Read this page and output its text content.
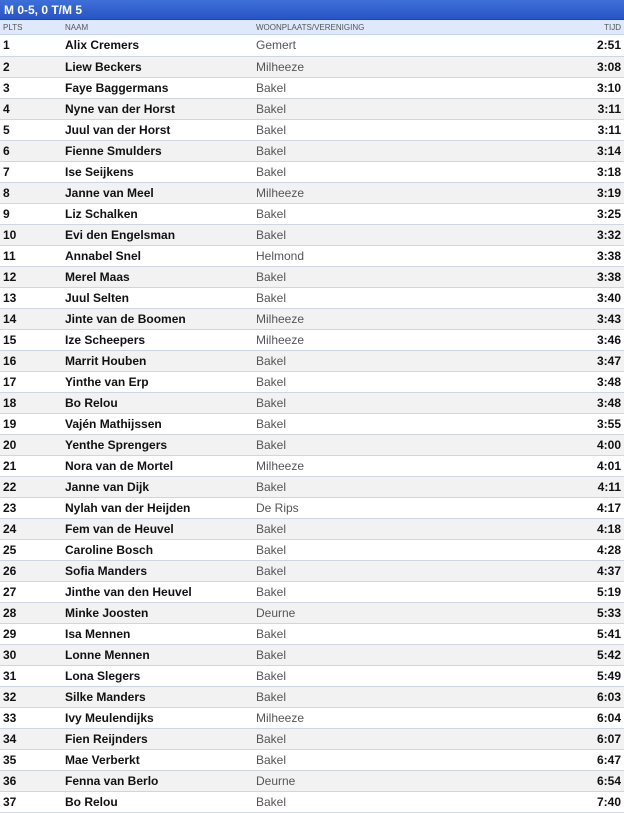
M 0-5, 0 T/M 5
PLTS	NAAM	WOONPLAATS/VERENIGING	TIJD
1	Alix Cremers	Gemert	2:51
2	Liew Beckers	Milheeze	3:08
3	Faye Baggermans	Bakel	3:10
4	Nyne van der Horst	Bakel	3:11
5	Juul van der Horst	Bakel	3:11
6	Fienne Smulders	Bakel	3:14
7	Ise Seijkens	Bakel	3:18
8	Janne van Meel	Milheeze	3:19
9	Liz Schalken	Bakel	3:25
10	Evi den Engelsman	Bakel	3:32
11	Annabel Snel	Helmond	3:38
12	Merel Maas	Bakel	3:38
13	Juul Selten	Bakel	3:40
14	Jinte van de Boomen	Milheeze	3:43
15	Ize Scheepers	Milheeze	3:46
16	Marrit Houben	Bakel	3:47
17	Yinthe van Erp	Bakel	3:48
18	Bo Relou	Bakel	3:48
19	Vajén Mathijssen	Bakel	3:55
20	Yenthe Sprengers	Bakel	4:00
21	Nora van de Mortel	Milheeze	4:01
22	Janne van Dijk	Bakel	4:11
23	Nylah van der Heijden	De Rips	4:17
24	Fem van de Heuvel	Bakel	4:18
25	Caroline Bosch	Bakel	4:28
26	Sofia Manders	Bakel	4:37
27	Jinthe van den Heuvel	Bakel	5:19
28	Minke Joosten	Deurne	5:33
29	Isa Mennen	Bakel	5:41
30	Lonne Mennen	Bakel	5:42
31	Lona Slegers	Bakel	5:49
32	Silke Manders	Bakel	6:03
33	Ivy Meulendijks	Milheeze	6:04
34	Fien Reijnders	Bakel	6:07
35	Mae Verberkt	Bakel	6:47
36	Fenna van Berlo	Deurne	6:54
37	Bo Relou	Bakel	7:40
